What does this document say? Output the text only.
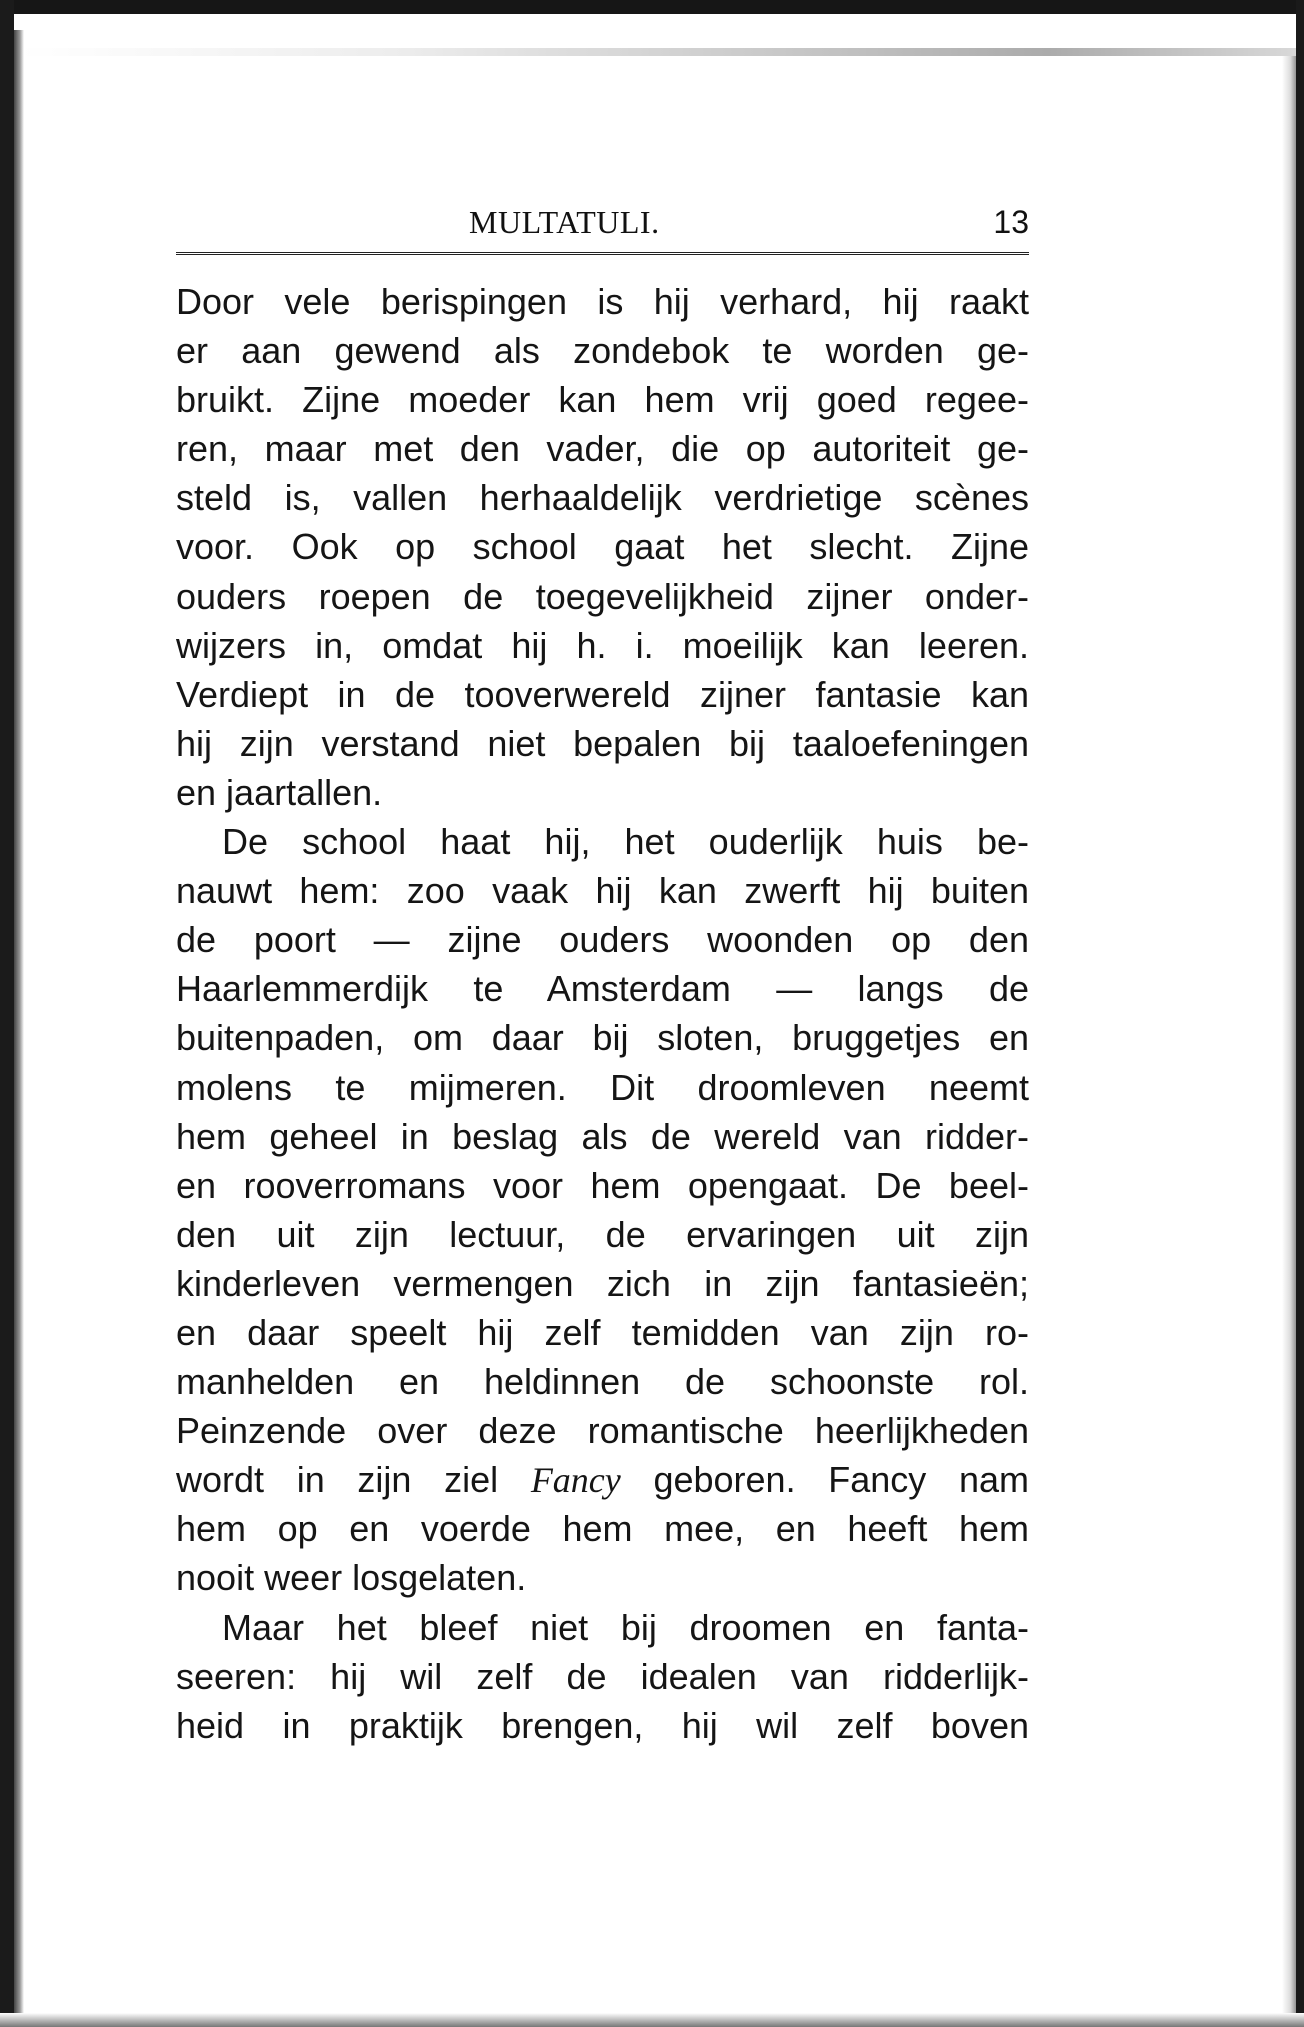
MULTATULI.	13
Door vele berispingen is hij verhard, hij raakt
er aan gewend als zondebok te worden ge-
bruikt. Zijne moeder kan hem vrij goed regee-
ren, maar met den vader, die op autoriteit ge-
steld is, vallen herhaaldelijk verdrietige scènes
voor. Ook op school gaat het slecht. Zijne
ouders roepen de toegevelijkheid zijner onder-
wijzers in, omdat hij h. i. moeilijk kan leeren.
Verdiept in de tooverwereld zijner fantasie kan
hij zijn verstand niet bepalen bij taaloefeningen
en jaartallen.
De school haat hij, het ouderlijk huis be-
nauwt hem: zoo vaak hij kan zwerft hij buiten
de poort — zijne ouders woonden op den
Haarlemmerdijk te Amsterdam — langs de
buitenpaden, om daar bij sloten, bruggetjes en
molens te mijmeren. Dit droomleven neemt
hem geheel in beslag als de wereld van ridder-
en rooverromans voor hem opengaat. De beel-
den uit zijn lectuur, de ervaringen uit zijn
kinderleven vermengen zich in zijn fantasieën;
en daar speelt hij zelf temidden van zijn ro-
manhelden en heldinnen de schoonste rol.
Peinzende over deze romantische heerlijkheden
wordt in zijn ziel Fancy geboren. Fancy nam
hem op en voerde hem mee, en heeft hem
nooit weer losgelaten.
Maar het bleef niet bij droomen en fanta-
seeren: hij wil zelf de idealen van ridderlijk-
heid in praktijk brengen, hij wil zelf boven
